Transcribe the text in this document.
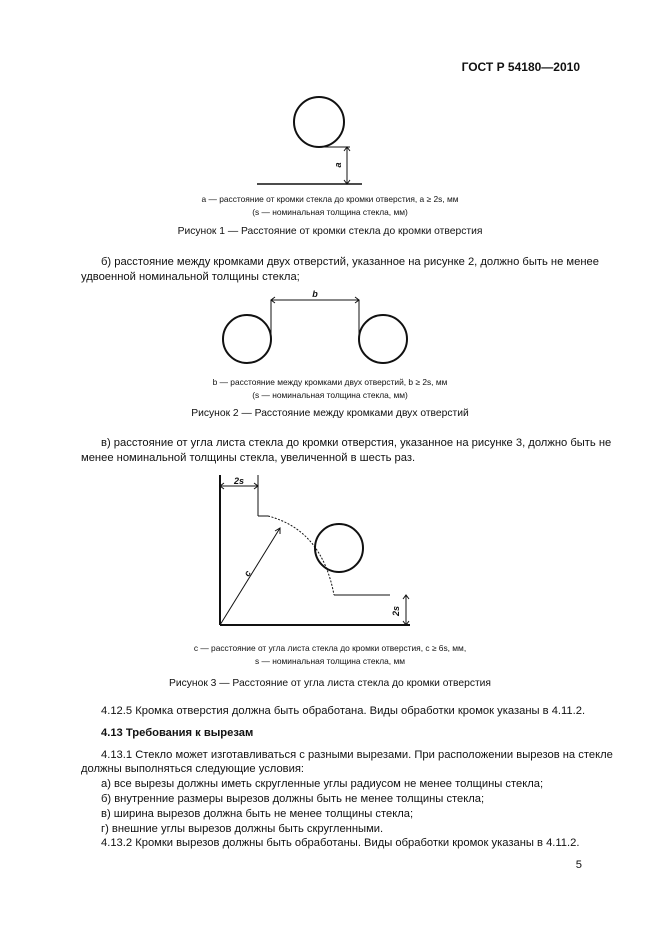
ГОСТ Р 54180—2010
a
a — расстояние от кромки стекла до кромки отверстия, a ≥ 2s, мм
(s — номинальная толщина стекла, мм)
Рисунок 1 — Расстояние от кромки стекла до кромки отверстия
б) расстояние между кромками двух отверстий, указанное на рисунке 2, должно быть не менее
удвоенной номинальной толщины стекла;
b
b — расстояние между кромками двух отверстий, b ≥ 2s, мм
(s — номинальная толщина стекла, мм)
Рисунок 2 — Расстояние между кромками двух отверстий
в) расстояние от угла листа стекла до кромки отверстия, указанное на рисунке 3, должно быть не
менее номинальной толщины стекла, увеличенной в шесть раз.
2s
c
2s
c — расстояние от угла листа стекла до кромки отверстия, c ≥ 6s, мм,
s — номинальная толщина стекла, мм
Рисунок 3 — Расстояние от угла листа стекла до кромки отверстия
4.12.5 Кромка отверстия должна быть обработана. Виды обработки кромок указаны в 4.11.2.
4.13 Требования к вырезам
4.13.1 Стекло может изготавливаться с разными вырезами. При расположении вырезов на стекле
должны выполняться следующие условия:
а) все вырезы должны иметь скругленные углы радиусом не менее толщины стекла;
б) внутренние размеры вырезов должны быть не менее толщины стекла;
в) ширина вырезов должна быть не менее толщины стекла;
г) внешние углы вырезов должны быть скругленными.
4.13.2 Кромки вырезов должны быть обработаны. Виды обработки кромок указаны в 4.11.2.
5
